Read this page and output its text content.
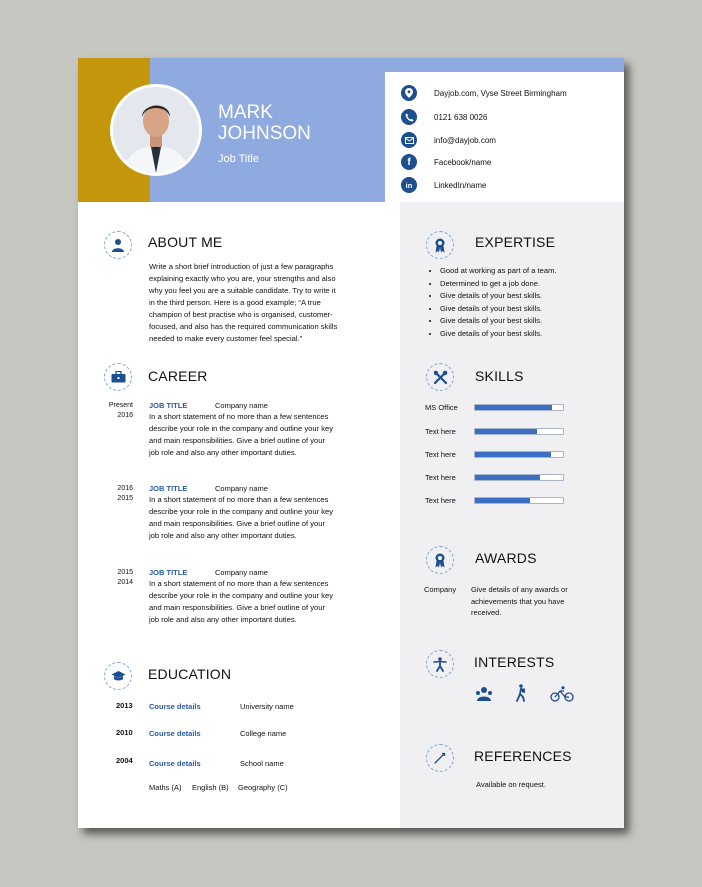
MARK
JOHNSON
Job Title
Dayjob.com, Vyse Street Birmingham
0121 638 0026
info@dayjob.com
f	Facebook/name
in	LinkedIn/name
ABOUT ME
Write a short brief introduction of just a few paragraphs
explaining exactly who you are, your strengths and also
why you feel you are a suitable candidate. Try to write it
in the third person. Here is a good example; “A true
champion of best practise who is organised, customer-
focused, and also has the required communication skills
needed to make every customer feel special.”
CAREER
Present
2016
JOB TITLE	Company name
In a short statement of no more than a few sentences
describe your role in the company and outline your key
and main responsibilities. Give a brief outline of your
job role and also any other important duties.
2016
2015
JOB TITLE	Company name
In a short statement of no more than a few sentences
describe your role in the company and outline your key
and main responsibilities. Give a brief outline of your
job role and also any other important duties.
2015
2014
JOB TITLE	Company name
In a short statement of no more than a few sentences
describe your role in the company and outline your key
and main responsibilities. Give a brief outline of your
job role and also any other important duties.
EDUCATION
2013 Course details	University name
2010 Course details	College name
2004 Course details	School name
Maths (A) English (B) Geography (C)
EXPERTISE
• Good at working as part of a team.
• Determined to get a job done.
• Give details of your best skills.
• Give details of your best skills.
• Give details of your best skills.
• Give details of your best skills.
SKILLS
MS Office
Text here
Text here
Text here
Text here
AWARDS
Company Give details of any awards or
achievements that you have
received.
INTERESTS
REFERENCES
Available on request.
